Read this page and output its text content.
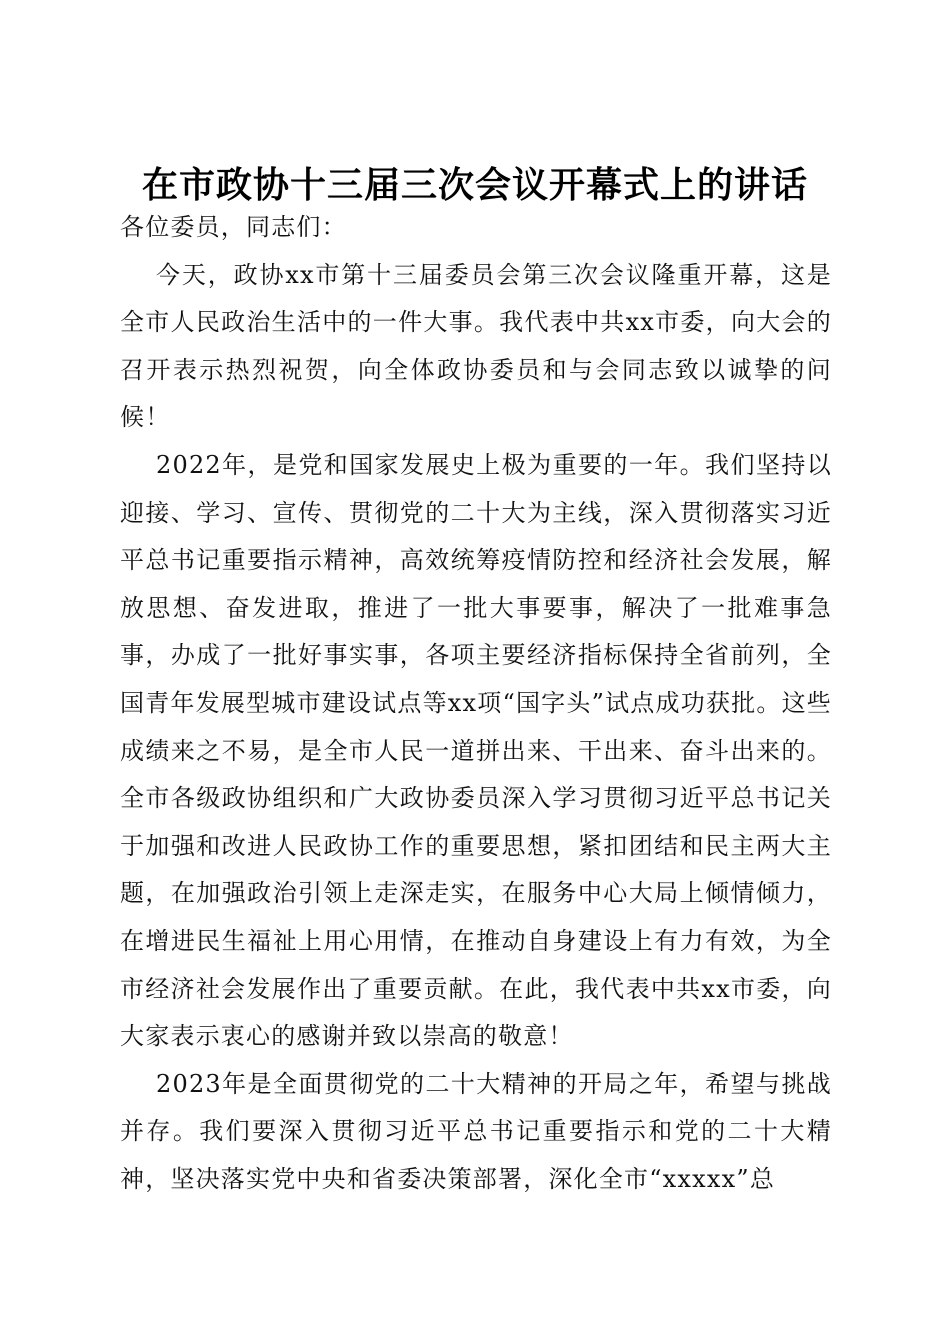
在市政协十三届三次会议开幕式上的讲话

各位委员，同志们：

今天，政协xx市第十三届委员会第三次会议隆重开幕，这是全市人民政治生活中的一件大事。我代表中共xx市委，向大会的召开表示热烈祝贺，向全体政协委员和与会同志致以诚挚的问候！

2022年，是党和国家发展史上极为重要的一年。我们坚持以迎接、学习、宣传、贯彻党的二十大为主线，深入贯彻落实习近平总书记重要指示精神，高效统筹疫情防控和经济社会发展，解放思想、奋发进取，推进了一批大事要事，解决了一批难事急事，办成了一批好事实事，各项主要经济指标保持全省前列，全国青年发展型城市建设试点等xx项“国字头”试点成功获批。这些成绩来之不易，是全市人民一道拼出来、干出来、奋斗出来的。全市各级政协组织和广大政协委员深入学习贯彻习近平总书记关于加强和改进人民政协工作的重要思想，紧扣团结和民主两大主题，在加强政治引领上走深走实，在服务中心大局上倾情倾力，在增进民生福祉上用心用情，在推动自身建设上有力有效，为全市经济社会发展作出了重要贡献。在此，我代表中共xx市委，向大家表示衷心的感谢并致以崇高的敬意！

2023年是全面贯彻党的二十大精神的开局之年，希望与挑战并存。我们要深入贯彻习近平总书记重要指示和党的二十大精神，坚决落实党中央和省委决策部署，深化全市“xxxxx”总
